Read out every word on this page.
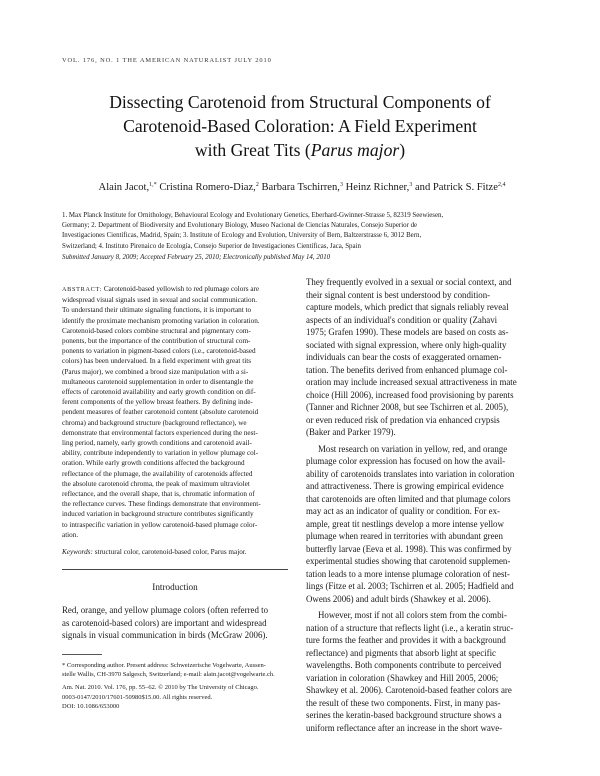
VOL. 176, NO. 1 THE AMERICAN NATURALIST JULY 2010
Dissecting Carotenoid from Structural Components of
Carotenoid-Based Coloration: A Field Experiment
with Great Tits (Parus major)
Alain Jacot,$^{1,*}$ Cristina Romero-Diaz,$^2$ Barbara Tschirren,$^3$ Heinz Richner,$^3$ and Patrick S. Fitze$^{2,4}$
1. Max Planck Institute for Ornithology, Behavioural Ecology and Evolutionary Genetics, Eberhard-Gwinner-Strasse 5, 82319 Seewiesen,
Germany; 2. Department of Biodiversity and Evolutionary Biology, Museo Nacional de Ciencias Naturales, Consejo Superior de
Investigaciones Científicas, Madrid, Spain; 3. Institute of Ecology and Evolution, University of Bern, Baltzerstrasse 6, 3012 Bern,
Switzerland; 4. Instituto Pirenaico de Ecología, Consejo Superior de Investigaciones Científicas, Jaca, Spain
Submitted January 8, 2009; Accepted February 25, 2010; Electronically published May 14, 2010
ABSTRACT: Carotenoid-based yellowish to red plumage colors are
widespread visual signals used in sexual and social communication.
To understand their ultimate signaling functions, it is important to
identify the proximate mechanism promoting variation in coloration.
Carotenoid-based colors combine structural and pigmentary com-
ponents, but the importance of the contribution of structural com-
ponents to variation in pigment-based colors (i.e., carotenoid-based
colors) has been undervalued. In a field experiment with great tits
(Parus major), we combined a brood size manipulation with a si-
multaneous carotenoid supplementation in order to disentangle the
effects of carotenoid availability and early growth condition on dif-
ferent components of the yellow breast feathers. By defining inde-
pendent measures of feather carotenoid content (absolute carotenoid
chroma) and background structure (background reflectance), we
demonstrate that environmental factors experienced during the nest-
ling period, namely, early growth conditions and carotenoid avail-
ability, contribute independently to variation in yellow plumage col-
oration. While early growth conditions affected the background
reflectance of the plumage, the availability of carotenoids affected
the absolute carotenoid chroma, the peak of maximum ultraviolet
reflectance, and the overall shape, that is, chromatic information of
the reflectance curves. These findings demonstrate that environment-
induced variation in background structure contributes significantly
to intraspecific variation in yellow carotenoid-based plumage color-
ation.
Keywords: structural color, carotenoid-based color, Parus major.
Introduction
Red, orange, and yellow plumage colors (often referred to
as carotenoid-based colors) are important and widespread
signals in visual communication in birds (McGraw 2006).
* Corresponding author. Present address: Schweizerische Vogelwarte, Aussen-
stelle Wallis, CH-3970 Salgesch, Switzerland; e-mail: alain.jacot@vogelwarte.ch.
Am. Nat. 2010. Vol. 176, pp. 55–62. © 2010 by The University of Chicago.
0003-0147/2010/17601-50980$15.00. All rights reserved.
DOI: 10.1086/653000
They frequently evolved in a sexual or social context, and
their signal content is best understood by condition-
capture models, which predict that signals reliably reveal
aspects of an individual's condition or quality (Zahavi
1975; Grafen 1990). These models are based on costs as-
sociated with signal expression, where only high-quality
individuals can bear the costs of exaggerated ornamen-
tation. The benefits derived from enhanced plumage col-
oration may include increased sexual attractiveness in mate
choice (Hill 2006), increased food provisioning by parents
(Tanner and Richner 2008, but see Tschirren et al. 2005),
or even reduced risk of predation via enhanced crypsis
(Baker and Parker 1979).
Most research on variation in yellow, red, and orange
plumage color expression has focused on how the avail-
ability of carotenoids translates into variation in coloration
and attractiveness. There is growing empirical evidence
that carotenoids are often limited and that plumage colors
may act as an indicator of quality or condition. For ex-
ample, great tit nestlings develop a more intense yellow
plumage when reared in territories with abundant green
butterfly larvae (Eeva et al. 1998). This was confirmed by
experimental studies showing that carotenoid supplemen-
tation leads to a more intense plumage coloration of nest-
lings (Fitze et al. 2003; Tschirren et al. 2005; Hadfield and
Owens 2006) and adult birds (Shawkey et al. 2006).
However, most if not all colors stem from the combi-
nation of a structure that reflects light (i.e., a keratin struc-
ture forms the feather and provides it with a background
reflectance) and pigments that absorb light at specific
wavelengths. Both components contribute to perceived
variation in coloration (Shawkey and Hill 2005, 2006;
Shawkey et al. 2006). Carotenoid-based feather colors are
the result of these two components. First, in many pas-
serines the keratin-based background structure shows a
uniform reflectance after an increase in the short wave-
